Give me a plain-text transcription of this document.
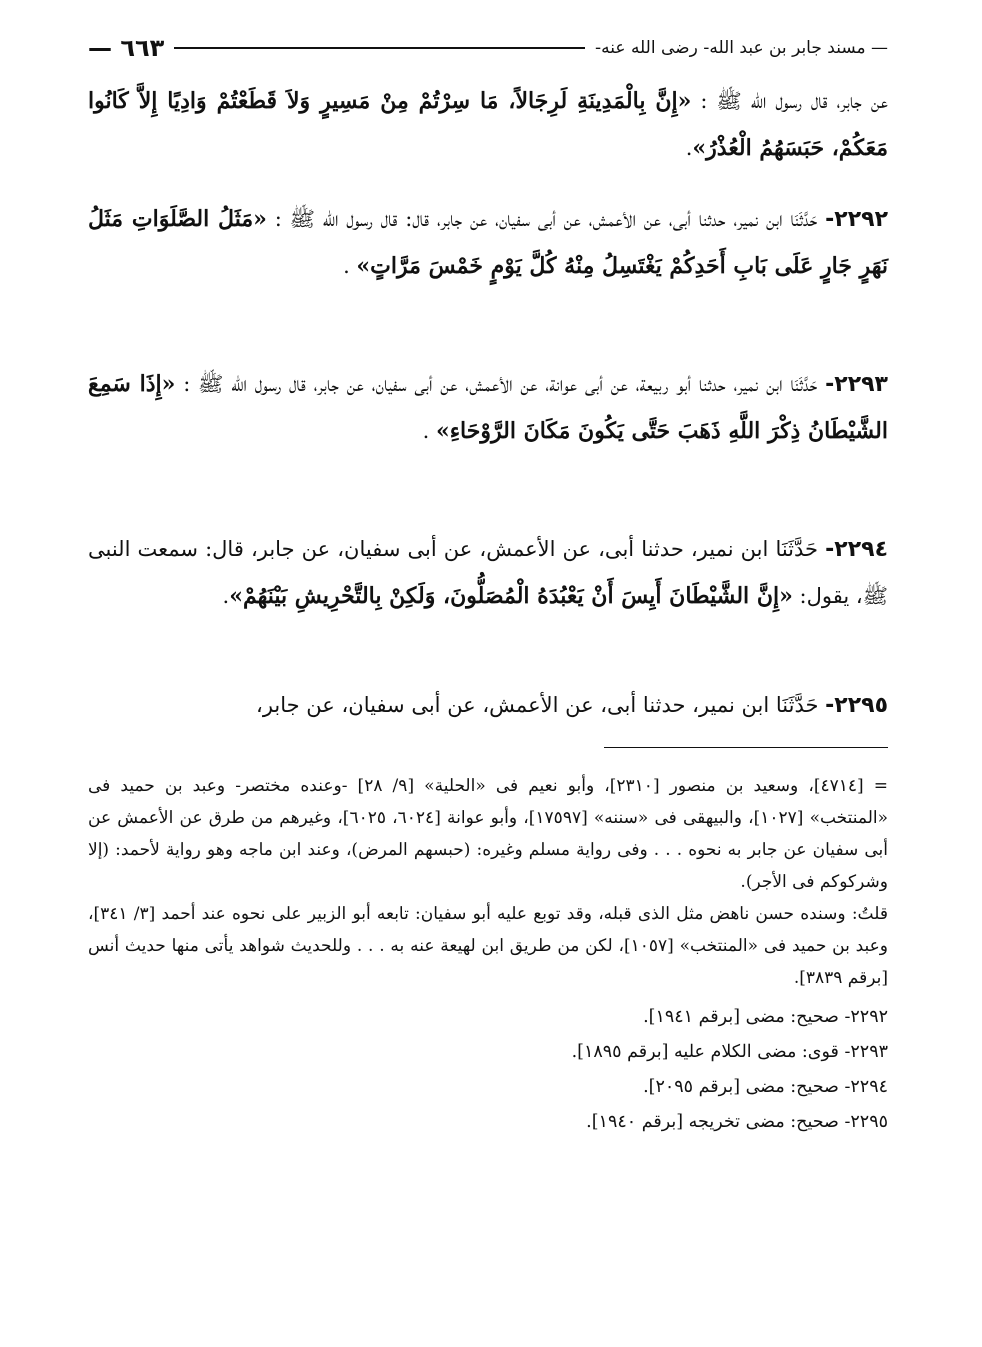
— مسند جابر بن عبد الله- رضى الله عنه-
٦٦٣ —
عن جابر، قال رسول الله ﷺ : «إِنَّ بِالْمَدِينَةِ لَرِجَالاً، مَا سِرْتُمْ مِنْ مَسِيرٍ وَلاَ قَطَعْتُمْ وَادِيًا إِلاَّ كَانُوا مَعَكُمْ، حَبَسَهُمُ الْعُذْرُ».
٢٢٩٢- حَدَّثَنَا ابن نمير، حدثنا أبى، عن الأعمش، عن أبى سفيان، عن جابر، قال: قال رسول الله ﷺ : «مَثَلُ الصَّلَوَاتِ مَثَلُ نَهَرٍ جَارٍ عَلَى بَابِ أَحَدِكُمْ يَغْتَسِلُ مِنْهُ كُلَّ يَوْمٍ خَمْسَ مَرَّاتٍ» .
٢٢٩٣- حَدَّثَنَا ابن نمير، حدثنا أبو ربيعة، عن أبى عوانة، عن الأعمش، عن أبى سفيان، عن جابر، قال رسول الله ﷺ : «إِذَا سَمِعَ الشَّيْطَانُ ذِكْرَ اللَّهِ ذَهَبَ حَتَّى يَكُونَ مَكَانَ الرَّوْحَاءِ» .
٢٢٩٤- حَدَّثَنَا ابن نمير، حدثنا أبى، عن الأعمش، عن أبى سفيان، عن جابر، قال: سمعت النبى ﷺ، يقول: «إِنَّ الشَّيْطَانَ أَيِسَ أَنْ يَعْبُدَهُ الْمُصَلُّونَ، وَلَكِنْ بِالتَّحْرِيشِ بَيْنَهُمْ».
٢٢٩٥- حَدَّثَنَا ابن نمير، حدثنا أبى، عن الأعمش، عن أبى سفيان، عن جابر،
= [٤٧١٤]، وسعيد بن منصور [٢٣١٠]، وأبو نعيم فى «الحلية» [٩/ ٢٨] -وعنده مختصر- وعبد بن حميد فى «المنتخب» [١٠٢٧]، والبيهقى فى «سننه» [١٧٥٩٧]، وأبو عوانة [٦٠٢٤، ٦٠٢٥]، وغيرهم من طرق عن الأعمش عن أبى سفيان عن جابر به نحوه . . . وفى رواية مسلم وغيره: (حبسهم المرض)، وعند ابن ماجه وهو رواية لأحمد: (إلا وشركوكم فى الأجر).
قلتُ: وسنده حسن ناهض مثل الذى قبله، وقد توبع عليه أبو سفيان: تابعه أبو الزبير على نحوه عند أحمد [٣/ ٣٤١]، وعبد بن حميد فى «المنتخب» [١٠٥٧]، لكن من طريق ابن لهيعة عنه به . . . وللحديث شواهد يأتى منها حديث أنس [برقم ٣٨٣٩].
٢٢٩٢- صحيح: مضى [برقم ١٩٤١].
٢٢٩٣- قوى: مضى الكلام عليه [برقم ١٨٩٥].
٢٢٩٤- صحيح: مضى [برقم ٢٠٩٥].
٢٢٩٥- صحيح: مضى تخريجه [برقم ١٩٤٠].
